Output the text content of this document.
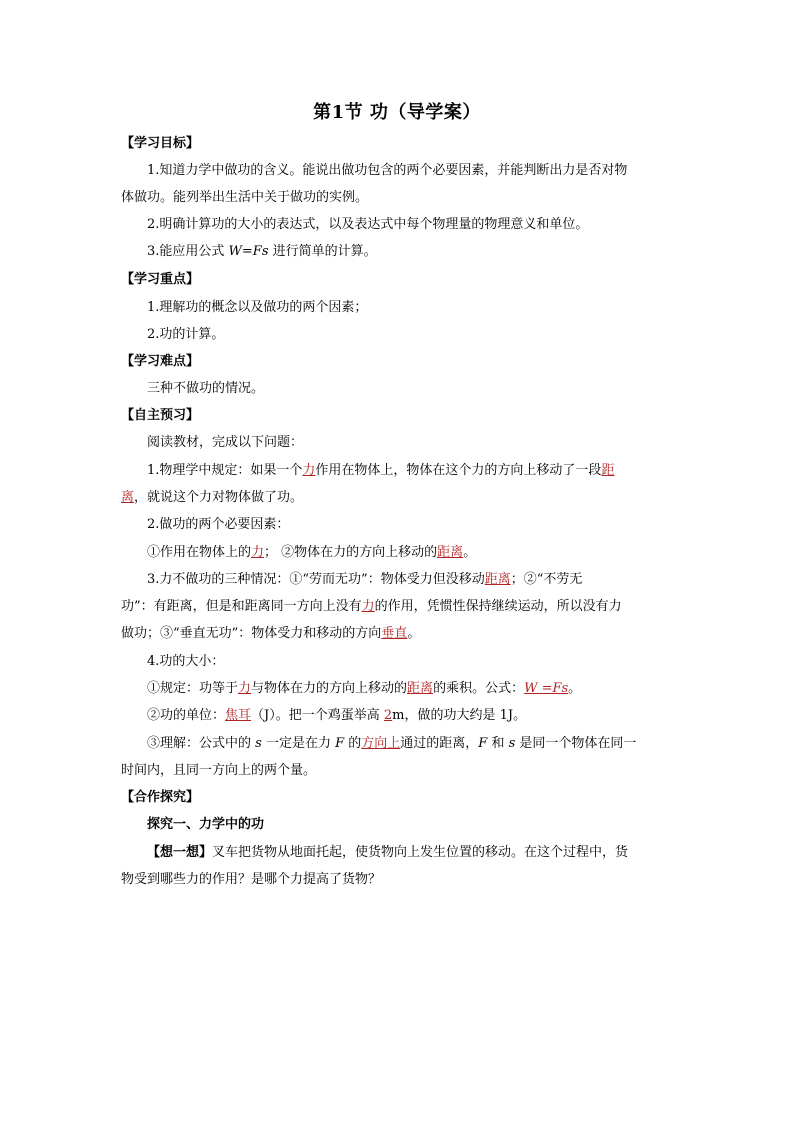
第1节 功（导学案）
【学习目标】
1.知道力学中做功的含义。能说出做功包含的两个必要因素，并能判断出力是否对物
体做功。能列举出生活中关于做功的实例。
2.明确计算功的大小的表达式，以及表达式中每个物理量的物理意义和单位。
3.能应用公式 W=Fs 进行简单的计算。
【学习重点】
1.理解功的概念以及做功的两个因素；
2.功的计算。
【学习难点】
三种不做功的情况。
【自主预习】
阅读教材，完成以下问题：
1.物理学中规定：如果一个力作用在物体上，物体在这个力的方向上移动了一段距
离，就说这个力对物体做了功。
2.做功的两个必要因素：
①作用在物体上的力； ②物体在力的方向上移动的距离。
3.力不做功的三种情况：①“劳而无功”：物体受力但没移动距离；②“不劳无
功”：有距离，但是和距离同一方向上没有力的作用，凭惯性保持继续运动，所以没有力
做功；③“垂直无功”：物体受力和移动的方向垂直。
4.功的大小：
①规定：功等于力与物体在力的方向上移动的距离的乘积。公式：W =Fs。
②功的单位：焦耳（J）。把一个鸡蛋举高 2m，做的功大约是 1J。
③理解：公式中的 s 一定是在力 F 的方向上通过的距离，F 和 s 是同一个物体在同一
时间内，且同一方向上的两个量。
【合作探究】
探究一、力学中的功
【想一想】叉车把货物从地面托起，使货物向上发生位置的移动。在这个过程中，货
物受到哪些力的作用？是哪个力提高了货物？
